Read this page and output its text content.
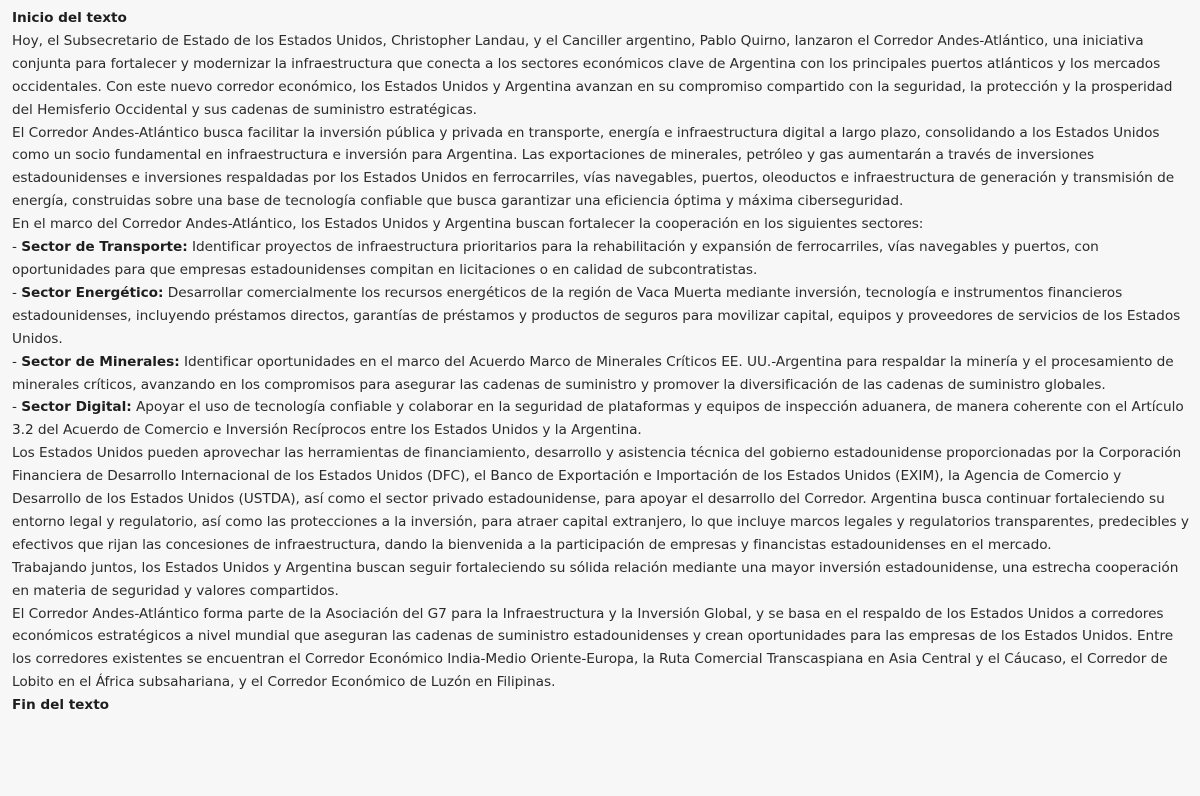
Inicio del texto

Hoy, el Subsecretario de Estado de los Estados Unidos, Christopher Landau, y el Canciller argentino, Pablo Quirno, lanzaron el Corredor Andes-Atlántico, una iniciativa conjunta para fortalecer y modernizar la infraestructura que conecta a los sectores económicos clave de Argentina con los principales puertos atlánticos y los mercados occidentales. Con este nuevo corredor económico, los Estados Unidos y Argentina avanzan en su compromiso compartido con la seguridad, la protección y la prosperidad del Hemisferio Occidental y sus cadenas de suministro estratégicas.

El Corredor Andes-Atlántico busca facilitar la inversión pública y privada en transporte, energía e infraestructura digital a largo plazo, consolidando a los Estados Unidos como un socio fundamental en infraestructura e inversión para Argentina. Las exportaciones de minerales, petróleo y gas aumentarán a través de inversiones estadounidenses e inversiones respaldadas por los Estados Unidos en ferrocarriles, vías navegables, puertos, oleoductos e infraestructura de generación y transmisión de energía, construidas sobre una base de tecnología confiable que busca garantizar una eficiencia óptima y máxima ciberseguridad.

En el marco del Corredor Andes-Atlántico, los Estados Unidos y Argentina buscan fortalecer la cooperación en los siguientes sectores:

- Sector de Transporte: Identificar proyectos de infraestructura prioritarios para la rehabilitación y expansión de ferrocarriles, vías navegables y puertos, con oportunidades para que empresas estadounidenses compitan en licitaciones o en calidad de subcontratistas.

- Sector Energético: Desarrollar comercialmente los recursos energéticos de la región de Vaca Muerta mediante inversión, tecnología e instrumentos financieros estadounidenses, incluyendo préstamos directos, garantías de préstamos y productos de seguros para movilizar capital, equipos y proveedores de servicios de los Estados Unidos.

- Sector de Minerales: Identificar oportunidades en el marco del Acuerdo Marco de Minerales Críticos EE. UU.-Argentina para respaldar la minería y el procesamiento de minerales críticos, avanzando en los compromisos para asegurar las cadenas de suministro y promover la diversificación de las cadenas de suministro globales.

- Sector Digital: Apoyar el uso de tecnología confiable y colaborar en la seguridad de plataformas y equipos de inspección aduanera, de manera coherente con el Artículo 3.2 del Acuerdo de Comercio e Inversión Recíprocos entre los Estados Unidos y la Argentina.

Los Estados Unidos pueden aprovechar las herramientas de financiamiento, desarrollo y asistencia técnica del gobierno estadounidense proporcionadas por la Corporación Financiera de Desarrollo Internacional de los Estados Unidos (DFC), el Banco de Exportación e Importación de los Estados Unidos (EXIM), la Agencia de Comercio y Desarrollo de los Estados Unidos (USTDA), así como el sector privado estadounidense, para apoyar el desarrollo del Corredor. Argentina busca continuar fortaleciendo su entorno legal y regulatorio, así como las protecciones a la inversión, para atraer capital extranjero, lo que incluye marcos legales y regulatorios transparentes, predecibles y efectivos que rijan las concesiones de infraestructura, dando la bienvenida a la participación de empresas y financistas estadounidenses en el mercado.

Trabajando juntos, los Estados Unidos y Argentina buscan seguir fortaleciendo su sólida relación mediante una mayor inversión estadounidense, una estrecha cooperación en materia de seguridad y valores compartidos.

El Corredor Andes-Atlántico forma parte de la Asociación del G7 para la Infraestructura y la Inversión Global, y se basa en el respaldo de los Estados Unidos a corredores económicos estratégicos a nivel mundial que aseguran las cadenas de suministro estadounidenses y crean oportunidades para las empresas de los Estados Unidos. Entre los corredores existentes se encuentran el Corredor Económico India-Medio Oriente-Europa, la Ruta Comercial Transcaspiana en Asia Central y el Cáucaso, el Corredor de Lobito en el África subsahariana, y el Corredor Económico de Luzón en Filipinas.

Fin del texto
